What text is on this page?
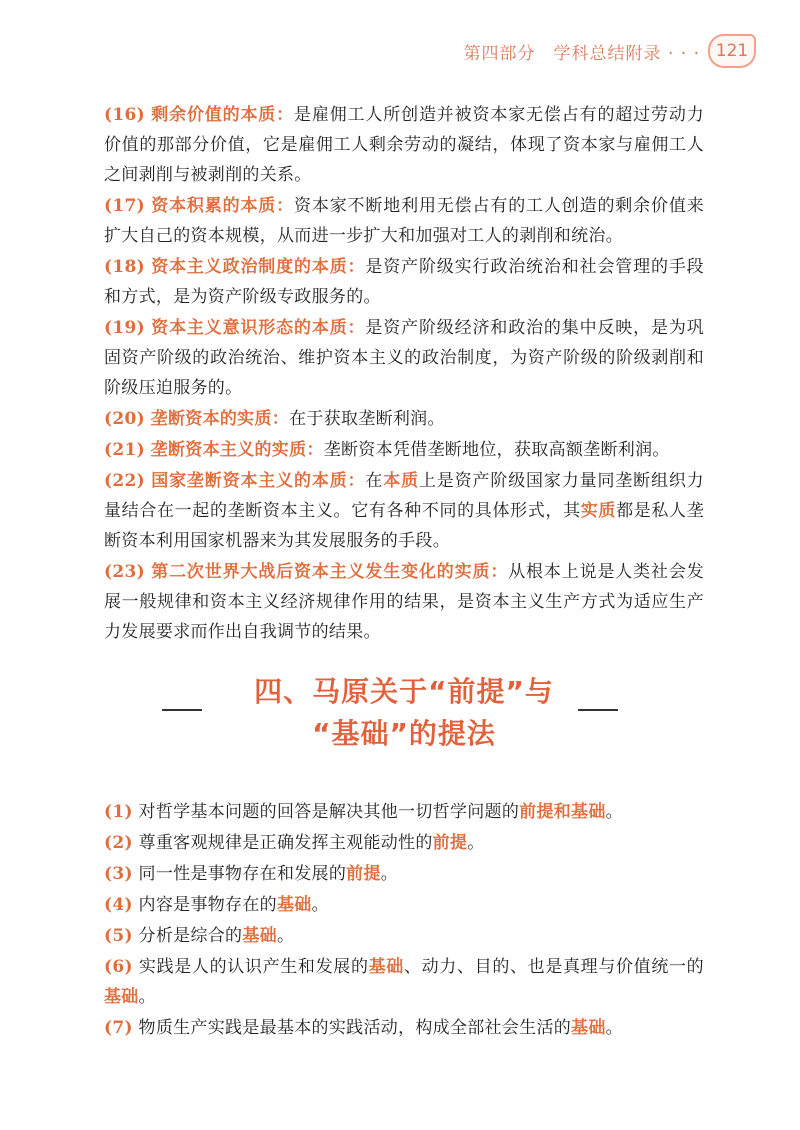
第四部分　学科总结附录 · · · 121

(16) 剩余价值的本质：是雇佣工人所创造并被资本家无偿占有的超过劳动力价值的那部分价值，它是雇佣工人剩余劳动的凝结，体现了资本家与雇佣工人之间剥削与被剥削的关系。

(17) 资本积累的本质：资本家不断地利用无偿占有的工人创造的剩余价值来扩大自己的资本规模，从而进一步扩大和加强对工人的剥削和统治。

(18) 资本主义政治制度的本质：是资产阶级实行政治统治和社会管理的手段和方式，是为资产阶级专政服务的。

(19) 资本主义意识形态的本质：是资产阶级经济和政治的集中反映，是为巩固资产阶级的政治统治、维护资本主义的政治制度，为资产阶级的阶级剥削和阶级压迫服务的。

(20) 垄断资本的实质：在于获取垄断利润。

(21) 垄断资本主义的实质：垄断资本凭借垄断地位，获取高额垄断利润。

(22) 国家垄断资本主义的本质：在本质上是资产阶级国家力量同垄断组织力量结合在一起的垄断资本主义。它有各种不同的具体形式，其实质都是私人垄断资本利用国家机器来为其发展服务的手段。

(23) 第二次世界大战后资本主义发生变化的实质：从根本上说是人类社会发展一般规律和资本主义经济规律作用的结果，是资本主义生产方式为适应生产力发展要求而作出自我调节的结果。

四、马原关于“前提”与
“基础”的提法

(1) 对哲学基本问题的回答是解决其他一切哲学问题的前提和基础。

(2) 尊重客观规律是正确发挥主观能动性的前提。

(3) 同一性是事物存在和发展的前提。

(4) 内容是事物存在的基础。

(5) 分析是综合的基础。

(6) 实践是人的认识产生和发展的基础、动力、目的、也是真理与价值统一的基础。

(7) 物质生产实践是最基本的实践活动，构成全部社会生活的基础。
